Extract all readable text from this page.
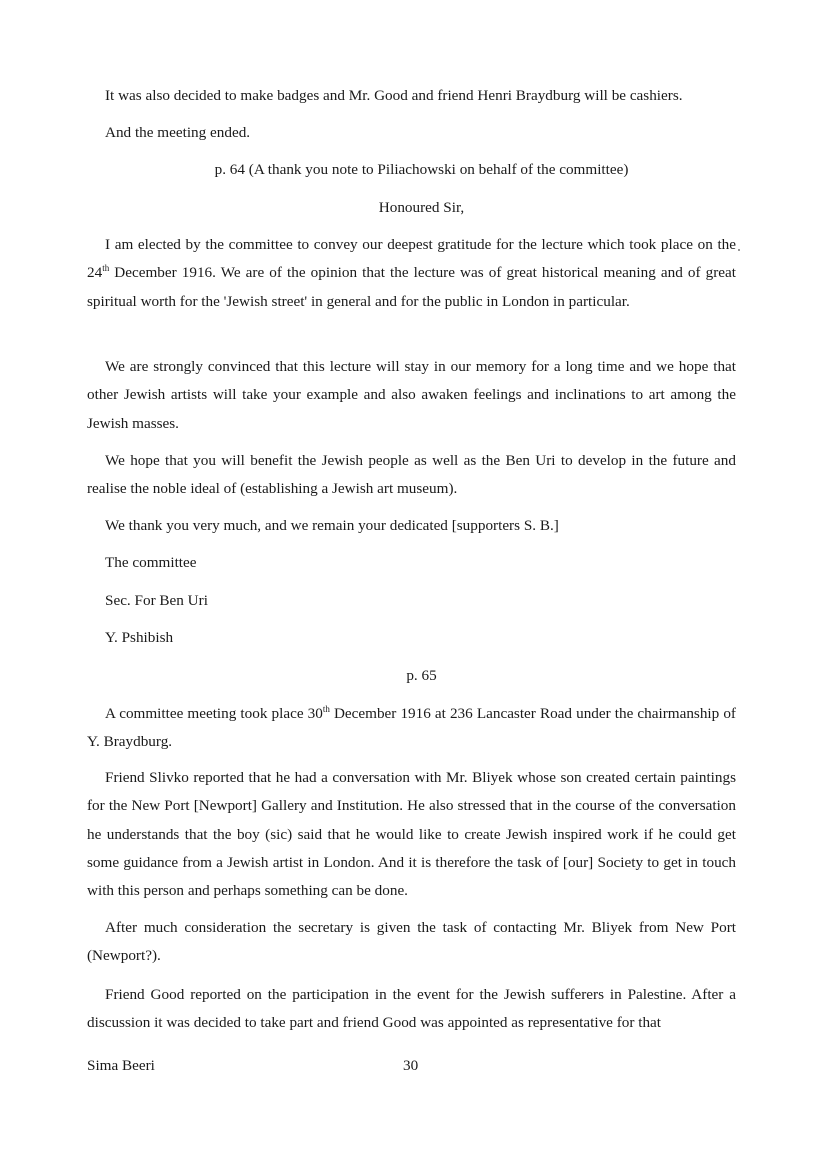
It was also decided to make badges and Mr. Good and friend Henri Braydburg will be cashiers.

And the meeting ended.

p. 64 (A thank you note to Piliachowski on behalf of the committee)

Honoured Sir,

I am elected by the committee to convey our deepest gratitude for the lecture which took place on the 24th December 1916. We are of the opinion that the lecture was of great historical meaning and of great spiritual worth for the 'Jewish street' in general and for the public in London in particular.

We are strongly convinced that this lecture will stay in our memory for a long time and we hope that other Jewish artists will take your example and also awaken feelings and inclinations to art among the Jewish masses.

We hope that you will benefit the Jewish people as well as the Ben Uri to develop in the future and realise the noble ideal of (establishing a Jewish art museum).

We thank you very much, and we remain your dedicated [supporters S. B.]

The committee

Sec. For Ben Uri

Y. Pshibish

p. 65

A committee meeting took place 30th December 1916 at 236 Lancaster Road under the chairmanship of Y. Braydburg.

Friend Slivko reported that he had a conversation with Mr. Bliyek whose son created certain paintings for the New Port [Newport] Gallery and Institution. He also stressed that in the course of the conversation he understands that the boy (sic) said that he would like to create Jewish inspired work if he could get some guidance from a Jewish artist in London. And it is therefore the task of [our] Society to get in touch with this person and perhaps something can be done.

After much consideration the secretary is given the task of contacting Mr. Bliyek from New Port (Newport?).

Friend Good reported on the participation in the event for the Jewish sufferers in Palestine. After a discussion it was decided to take part and friend Good was appointed as representative for that

Sima Beeri	30
